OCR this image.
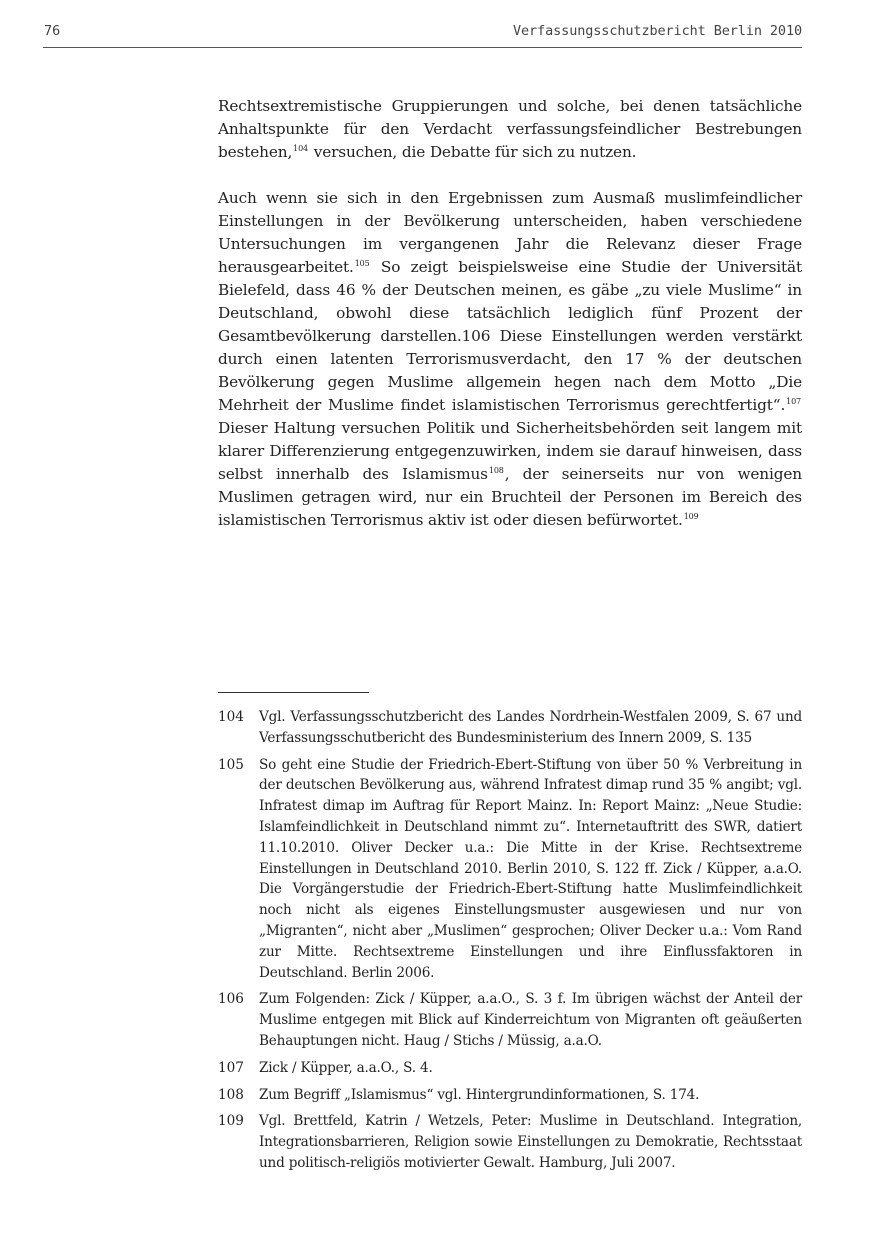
76	Verfassungsschutzbericht Berlin 2010

Rechtsextremistische Gruppierungen und solche, bei denen tatsächliche Anhaltspunkte für den Verdacht verfassungsfeindlicher Bestrebungen bestehen,$^{104}$ versuchen, die Debatte für sich zu nutzen.

Auch wenn sie sich in den Ergebnissen zum Ausmaß muslimfeindlicher Einstellungen in der Bevölkerung unterscheiden, haben verschiedene Untersuchungen im vergangenen Jahr die Relevanz dieser Frage herausgearbeitet.$^{105}$ So zeigt beispielsweise eine Studie der Universität Bielefeld, dass 46 % der Deutschen meinen, es gäbe „zu viele Muslime“ in Deutschland, obwohl diese tatsächlich lediglich fünf Prozent der Gesamtbevölkerung darstellen.106 Diese Einstellungen werden verstärkt durch einen latenten Terrorismusverdacht, den 17 % der deutschen Bevölkerung gegen Muslime allgemein hegen nach dem Motto „Die Mehrheit der Muslime findet islamistischen Terrorismus gerechtfertigt“.$^{107}$ Dieser Haltung versuchen Politik und Sicherheitsbehörden seit langem mit klarer Differenzierung entgegenzuwirken, indem sie darauf hinweisen, dass selbst innerhalb des Islamismus$^{108}$, der seinerseits nur von wenigen Muslimen getragen wird, nur ein Bruchteil der Personen im Bereich des islamistischen Terrorismus aktiv ist oder diesen befürwortet.$^{109}$

104	Vgl. Verfassungsschutzbericht des Landes Nordrhein-Westfalen 2009, S. 67 und Verfassungsschutbericht des Bundesministerium des Innern 2009, S. 135
105	So geht eine Studie der Friedrich-Ebert-Stiftung von über 50 % Verbreitung in der deutschen Bevölkerung aus, während Infratest dimap rund 35 % angibt; vgl. Infratest dimap im Auftrag für Report Mainz. In: Report Mainz: „Neue Studie: Islamfeindlichkeit in Deutschland nimmt zu“. Internetauftritt des SWR, datiert 11.10.2010. Oliver Decker u.a.: Die Mitte in der Krise. Rechtsextreme Einstellungen in Deutschland 2010. Berlin 2010, S. 122 ff. Zick / Küpper, a.a.O. Die Vorgängerstudie der Friedrich-Ebert-Stiftung hatte Muslimfeindlichkeit noch nicht als eigenes Einstellungsmuster ausgewiesen und nur von „Migranten“, nicht aber „Muslimen“ gesprochen; Oliver Decker u.a.: Vom Rand zur Mitte. Rechtsextreme Einstellungen und ihre Einflussfaktoren in Deutschland. Berlin 2006.
106	Zum Folgenden: Zick / Küpper, a.a.O., S. 3 f. Im übrigen wächst der Anteil der Muslime entgegen mit Blick auf Kinderreichtum von Migranten oft geäußerten Behauptungen nicht. Haug / Stichs / Müssig, a.a.O.
107	Zick / Küpper, a.a.O., S. 4.
108	Zum Begriff „Islamismus“ vgl. Hintergrundinformationen, S. 174.
109	Vgl. Brettfeld, Katrin / Wetzels, Peter: Muslime in Deutschland. Integration, Integrationsbarrieren, Religion sowie Einstellungen zu Demokratie, Rechtsstaat und politisch-religiös motivierter Gewalt. Hamburg, Juli 2007.
